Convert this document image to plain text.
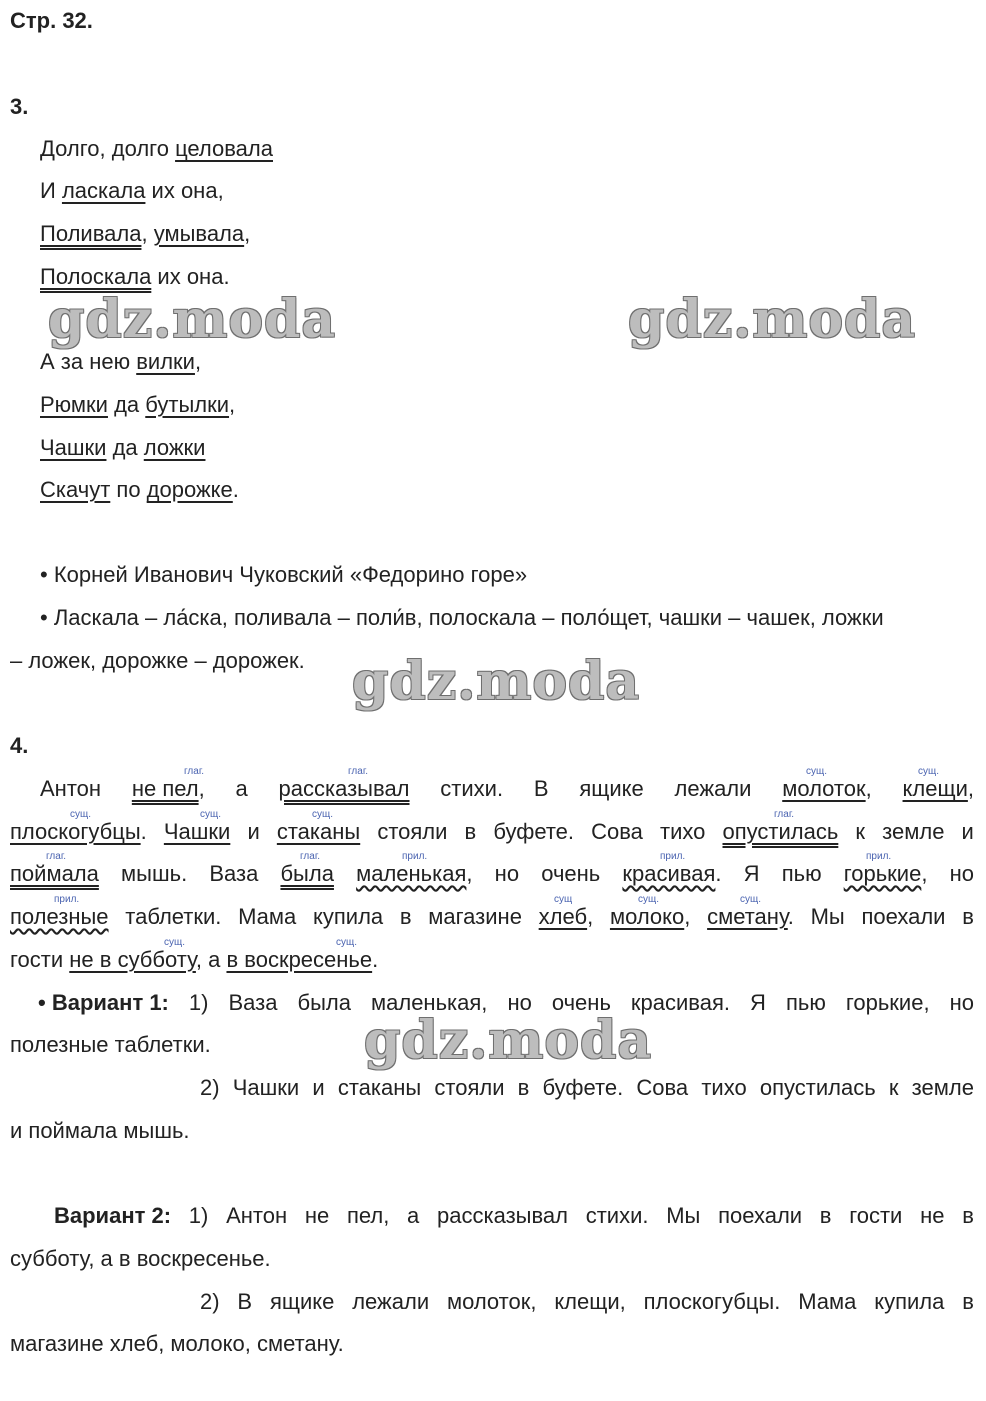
Стр. 32.
3.
Долго, долго целовала
И ласкала их она,
Поливала, умывала,
Полоскала их она.
А за нею вилки,
Рюмки да бутылки,
Чашки да ложки
Скачут по дорожке.
• Корней Иванович Чуковский «Федорино горе»
• Ласкала – ла́ска, поливала – поли́в, полоскала – поло́щет, чашки – чашек, ложки
– ложек, дорожке – дорожек.
4.
глаг.	глаг.	сущ.	сущ.
Антон не пел, а рассказывал стихи. В ящике лежали молоток, клещи,
сущ.	сущ.	сущ.	глаг.
плоскогубцы. Чашки и стаканы стояли в буфете. Сова тихо опустилась к земле и
глаг.	глаг.	прил.	прил.	прил.
поймала мышь. Ваза была маленькая, но очень красивая. Я пью горькие, но
прил.	сущ	сущ.	сущ.
полезные таблетки. Мама купила в магазине хлеб, молоко, сметану. Мы поехали в
сущ.	сущ.
гости не в субботу, а в воскресенье.
• Вариант 1: 1) Ваза была маленькая, но очень красивая. Я пью горькие, но
полезные таблетки.
2) Чашки и стаканы стояли в буфете. Сова тихо опустилась к земле
и поймала мышь.
Вариант 2: 1) Антон не пел, а рассказывал стихи. Мы поехали в гости не в
субботу, а в воскресенье.
2) В ящике лежали молоток, клещи, плоскогубцы. Мама купила в
магазине хлеб, молоко, сметану.
gdz.moda	gdz.moda
gdz.moda
gdz.moda
